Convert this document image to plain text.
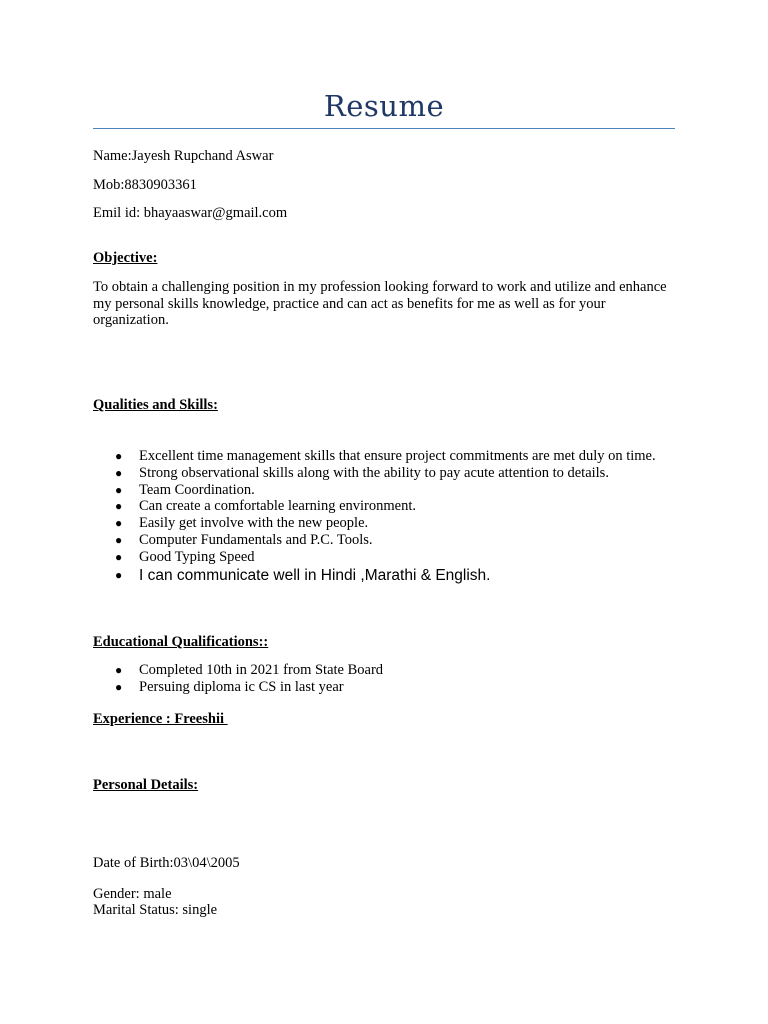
Resume
Name:Jayesh Rupchand Aswar
Mob:8830903361
Emil id: bhayaaswar@gmail.com
Objective:
To obtain a challenging position in my profession looking forward to work and utilize and enhance my personal skills knowledge, practice and can act as benefits for me as well as for your organization.
Qualities and Skills:
● Excellent time management skills that ensure project commitments are met duly on time.
● Strong observational skills along with the ability to pay acute attention to details.
● Team Coordination.
● Can create a comfortable learning environment.
● Easily get involve with the new people.
● Computer Fundamentals and P.C. Tools.
● Good Typing Speed
● I can communicate well in Hindi ,Marathi & English.
Educational Qualifications::
● Completed 10th in 2021 from State Board
● Persuing diploma ic CS in last year
Experience : Freeshii
Personal Details:
Date of Birth:03\04\2005
Gender: male
Marital Status: single
